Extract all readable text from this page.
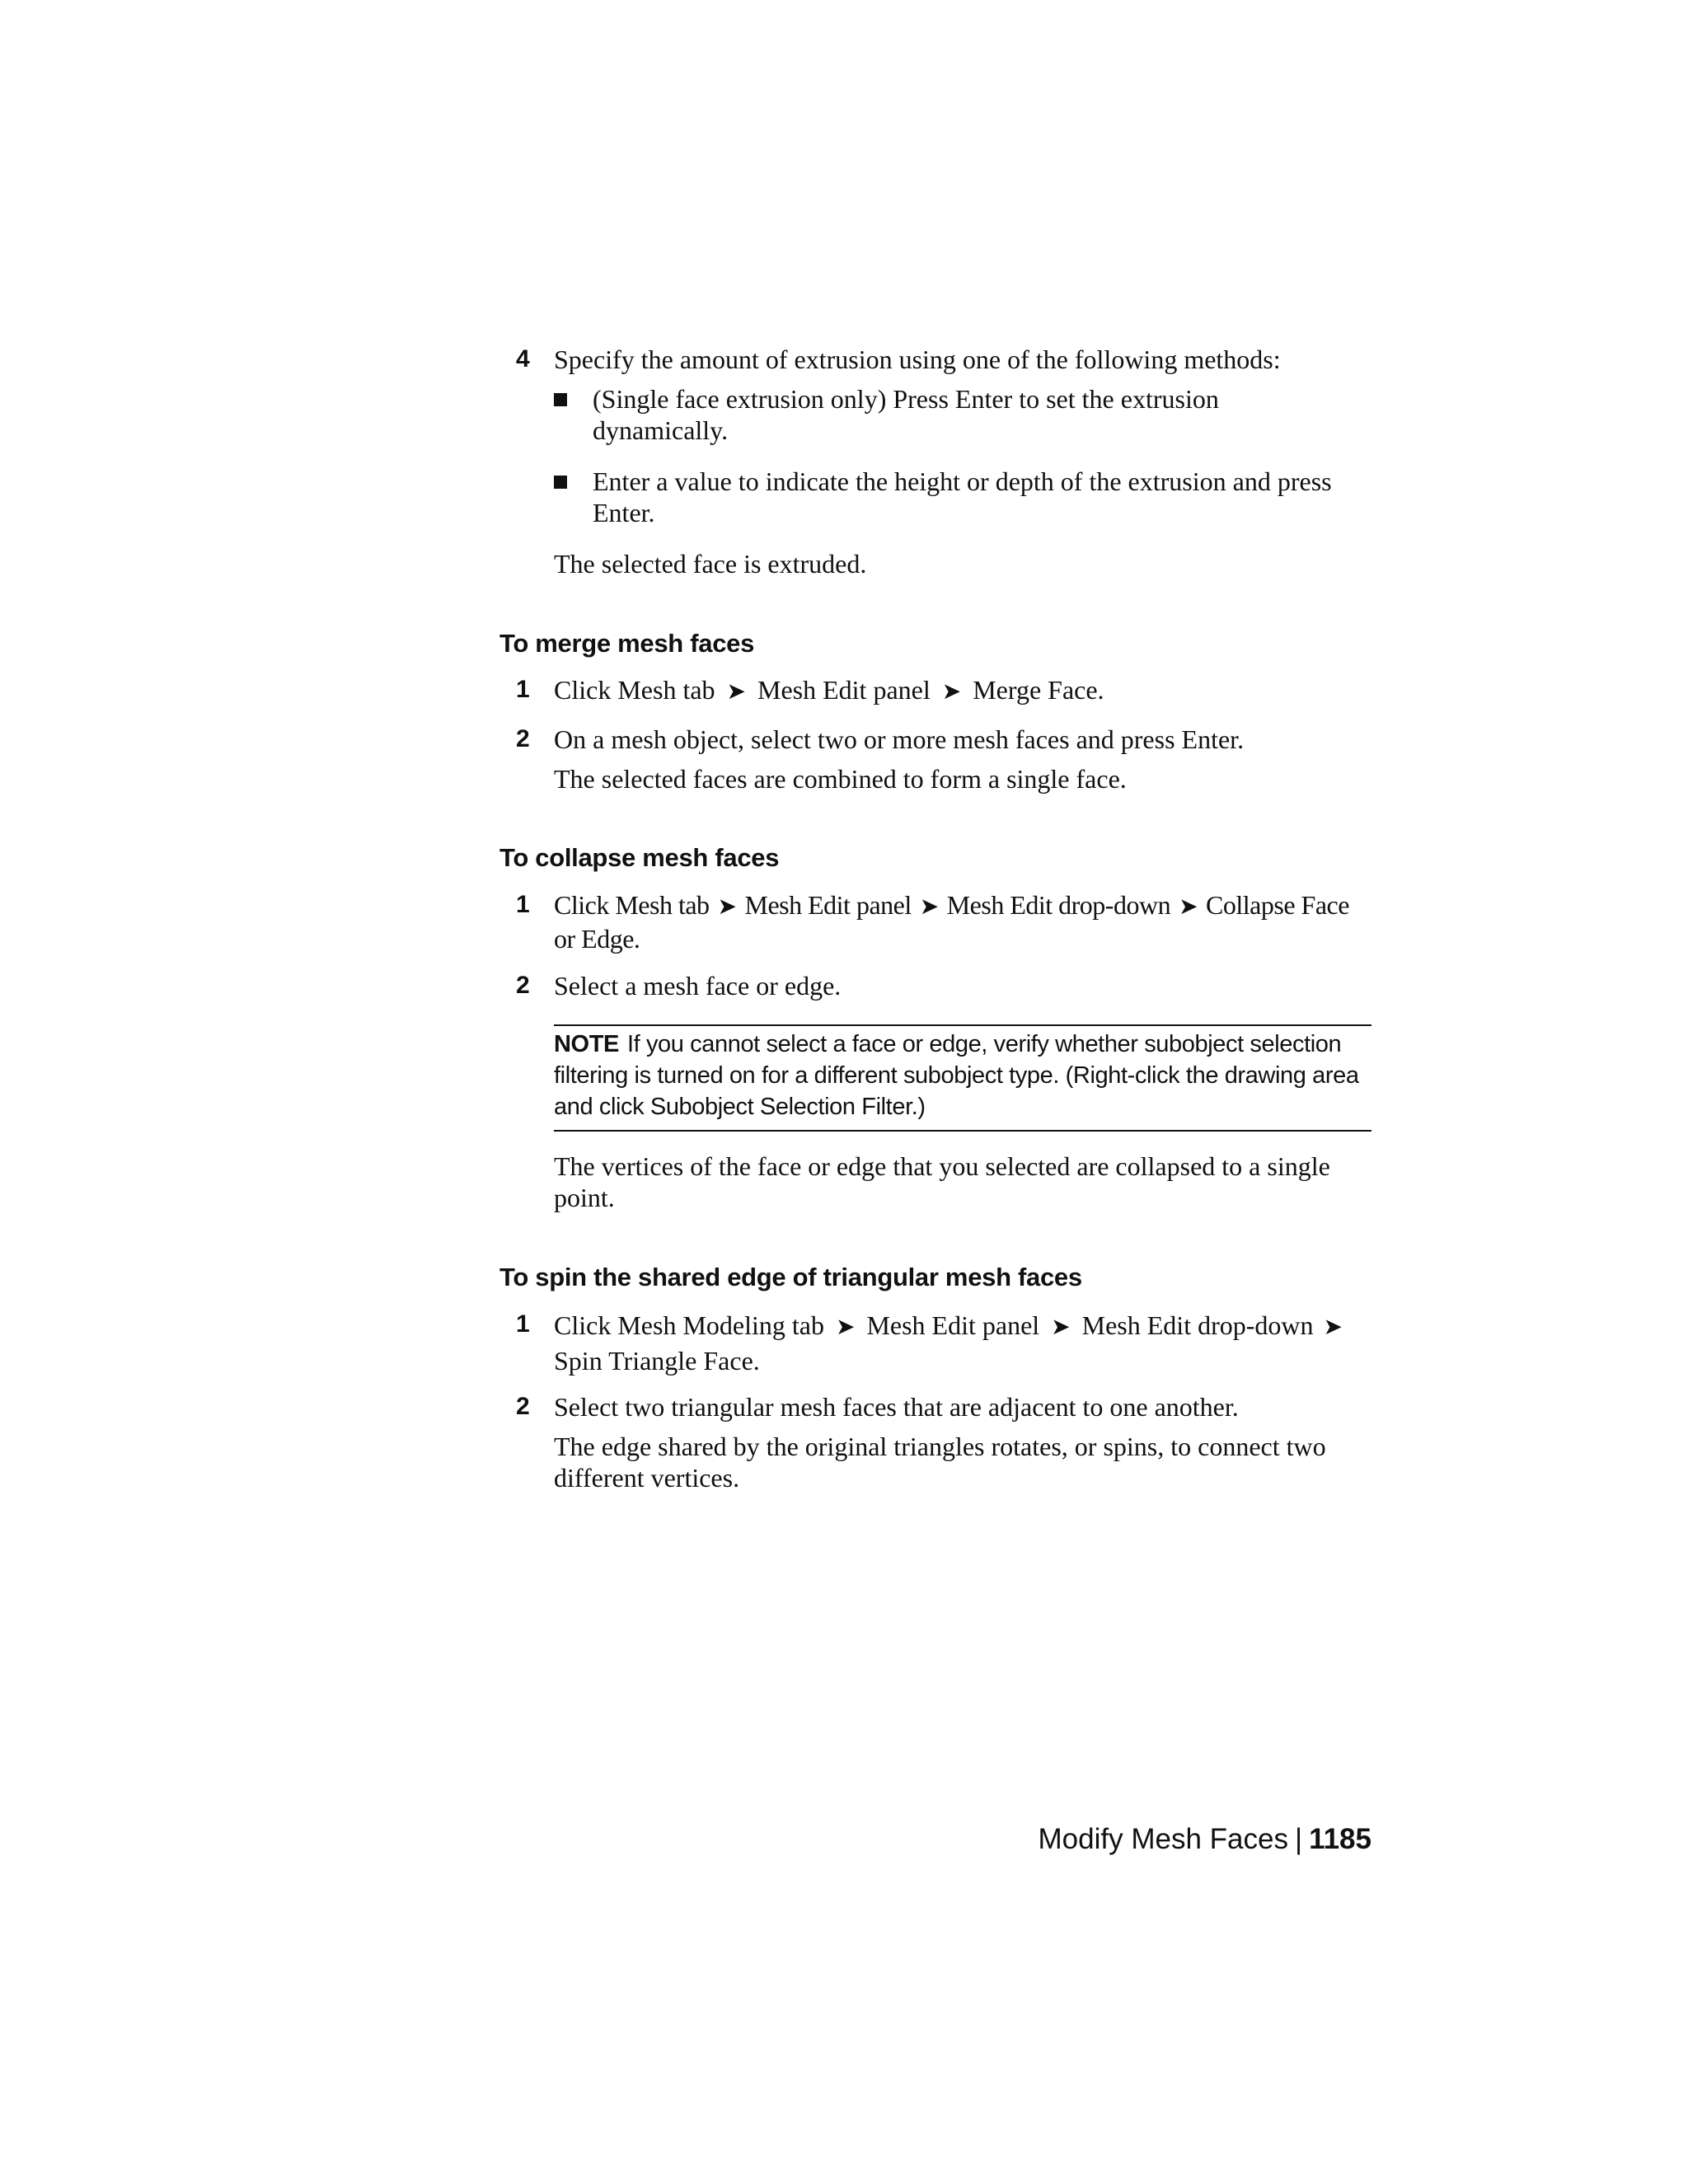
4 Specify the amount of extrusion using one of the following methods:
(Single face extrusion only) Press Enter to set the extrusion dynamically.
Enter a value to indicate the height or depth of the extrusion and press Enter.
The selected face is extruded.
To merge mesh faces
1 Click Mesh tab ➤ Mesh Edit panel ➤ Merge Face.
2 On a mesh object, select two or more mesh faces and press Enter.
The selected faces are combined to form a single face.
To collapse mesh faces
1 Click Mesh tab ➤ Mesh Edit panel ➤ Mesh Edit drop-down ➤ Collapse Face or Edge.
2 Select a mesh face or edge.
NOTE If you cannot select a face or edge, verify whether subobject selection filtering is turned on for a different subobject type. (Right-click the drawing area and click Subobject Selection Filter.)
The vertices of the face or edge that you selected are collapsed to a single point.
To spin the shared edge of triangular mesh faces
1 Click Mesh Modeling tab ➤ Mesh Edit panel ➤ Mesh Edit drop-down ➤Spin Triangle Face.
2 Select two triangular mesh faces that are adjacent to one another.
The edge shared by the original triangles rotates, or spins, to connect two different vertices.
Modify Mesh Faces | 1185
